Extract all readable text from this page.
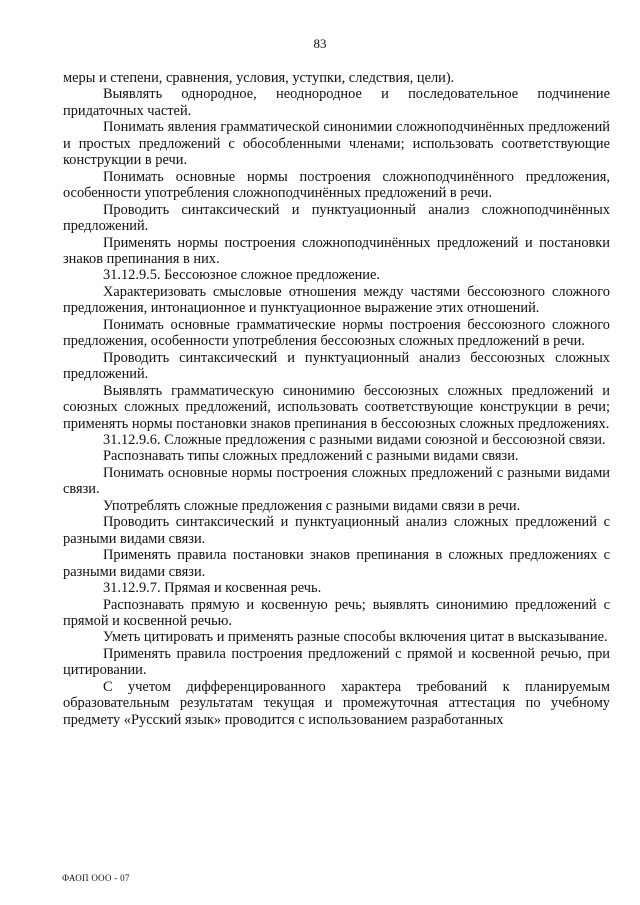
83

меры и степени, сравнения, условия, уступки, следствия, цели).

Выявлять однородное, неоднородное и последовательное подчинение придаточных частей.

Понимать явления грамматической синонимии сложноподчинённых предложений и простых предложений с обособленными членами; использовать соответствующие конструкции в речи.

Понимать основные нормы построения сложноподчинённого предложения, особенности употребления сложноподчинённых предложений в речи.

Проводить синтаксический и пунктуационный анализ сложноподчинённых предложений.

Применять нормы построения сложноподчинённых предложений и постановки знаков препинания в них.

31.12.9.5. Бессоюзное сложное предложение.

Характеризовать смысловые отношения между частями бессоюзного сложного предложения, интонационное и пунктуационное выражение этих отношений.

Понимать основные грамматические нормы построения бессоюзного сложного предложения, особенности употребления бессоюзных сложных предложений в речи.

Проводить синтаксический и пунктуационный анализ бессоюзных сложных предложений.

Выявлять грамматическую синонимию бессоюзных сложных предложений и союзных сложных предложений, использовать соответствующие конструкции в речи; применять нормы постановки знаков препинания в бессоюзных сложных предложениях.

31.12.9.6. Сложные предложения с разными видами союзной и бессоюзной связи.

Распознавать типы сложных предложений с разными видами связи.

Понимать основные нормы построения сложных предложений с разными видами связи.

Употреблять сложные предложения с разными видами связи в речи.

Проводить синтаксический и пунктуационный анализ сложных предложений с разными видами связи.

Применять правила постановки знаков препинания в сложных предложениях с разными видами связи.

31.12.9.7. Прямая и косвенная речь.

Распознавать прямую и косвенную речь; выявлять синонимию предложений с прямой и косвенной речью.

Уметь цитировать и применять разные способы включения цитат в высказывание.

Применять правила построения предложений с прямой и косвенной речью, при цитировании.

С учетом дифференцированного характера требований к планируемым образовательным результатам текущая и промежуточная аттестация по учебному предмету «Русский язык» проводится с использованием разработанных

ФАОП ООО - 07
